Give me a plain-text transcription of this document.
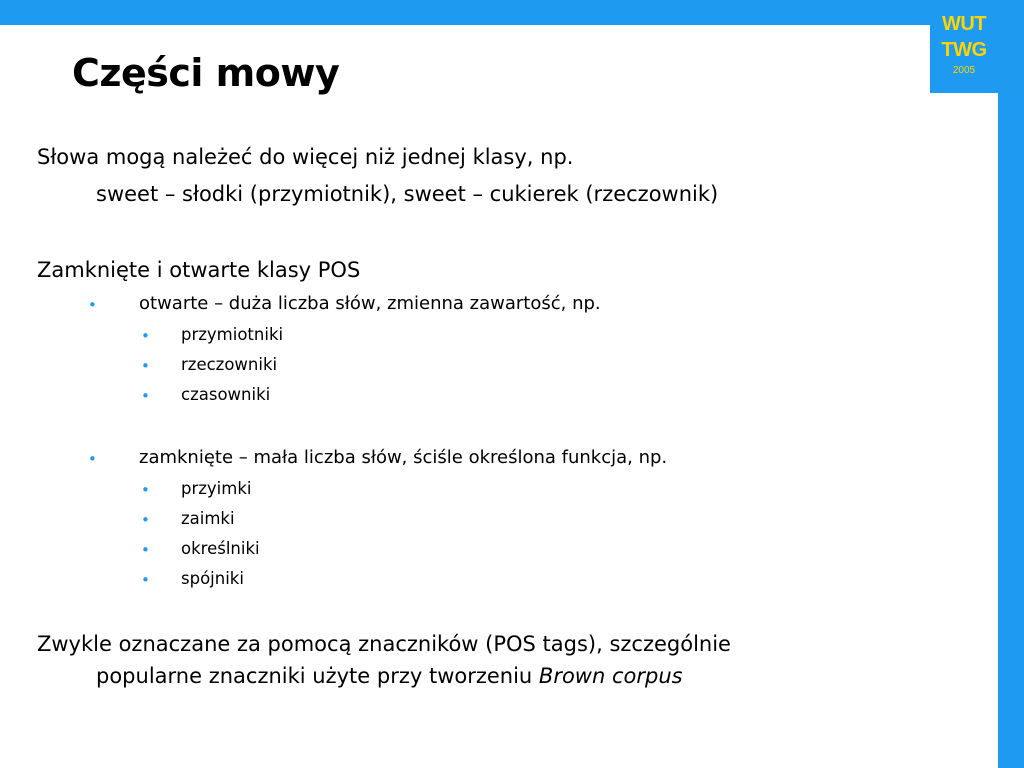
WUT
TWG
2005
Części mowy

Słowa mogą należeć do więcej niż jednej klasy, np.

sweet – słodki (przymiotnik), sweet – cukierek (rzeczownik)

Zamknięte i otwarte klasy POS

• otwarte – duża liczba słów, zmienna zawartość, np.

• przymiotniki

• rzeczowniki

• czasowniki

• zamknięte – mała liczba słów, ściśle określona funkcja, np.

• przyimki

• zaimki

• określniki

• spójniki

Zwykle oznaczane za pomocą znaczników (POS tags), szczególnie

popularne znaczniki użyte przy tworzeniu Brown corpus
